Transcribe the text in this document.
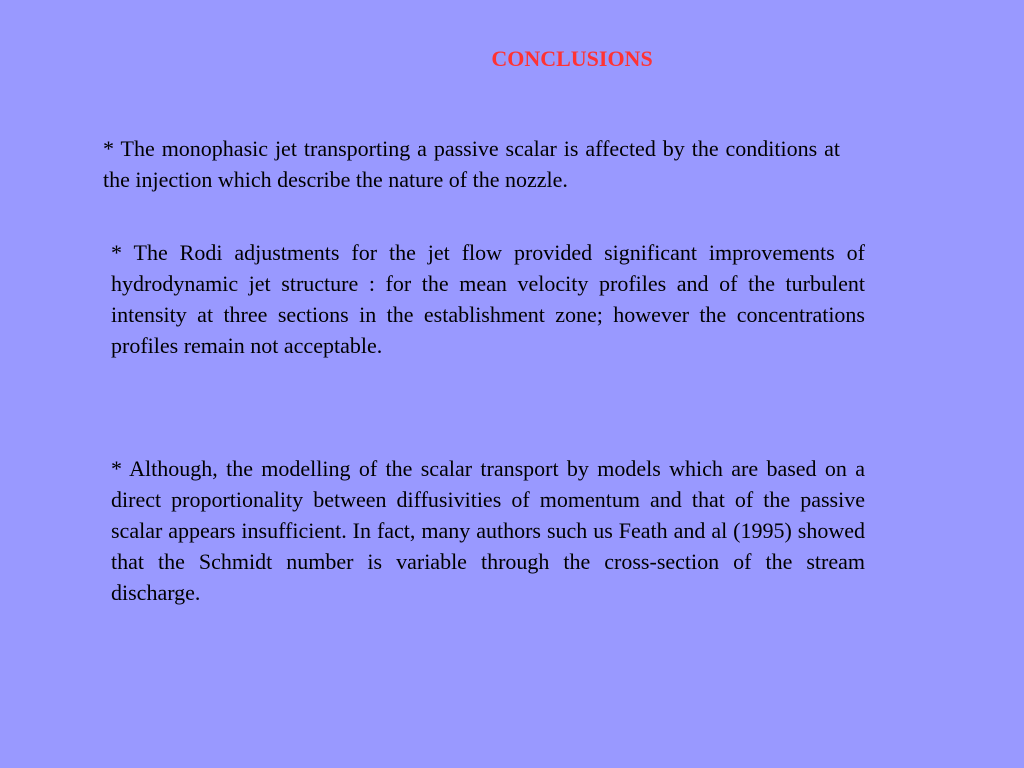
CONCLUSIONS

* The monophasic jet transporting a passive scalar is affected by the conditions at the injection which describe the nature of the nozzle.

* The Rodi adjustments for the jet flow provided significant improvements of hydrodynamic jet structure : for the mean velocity profiles and of the turbulent intensity at three sections in the establishment zone; however the concentrations profiles remain not acceptable.

* Although, the modelling of the scalar transport by models which are based on a direct proportionality between diffusivities of momentum and that of the passive scalar appears insufficient. In fact, many authors such us Feath and al (1995) showed that the Schmidt number is variable through the cross-section of the stream discharge.
